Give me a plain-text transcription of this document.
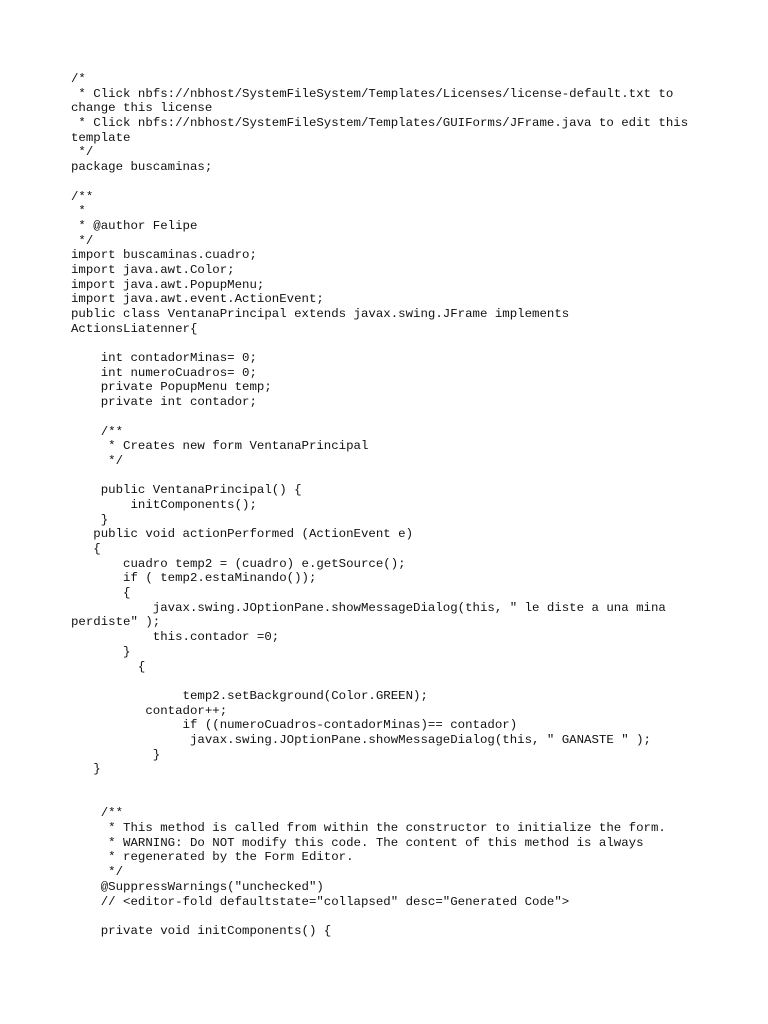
/*
* Click nbfs://nbhost/SystemFileSystem/Templates/Licenses/license-default.txt to
change this license
* Click nbfs://nbhost/SystemFileSystem/Templates/GUIForms/JFrame.java to edit this
template
*/
package buscaminas;
/**
*
* @author Felipe
*/
import buscaminas.cuadro;
import java.awt.Color;
import java.awt.PopupMenu;
import java.awt.event.ActionEvent;
public class VentanaPrincipal extends javax.swing.JFrame implements
ActionsLiatenner{
int contadorMinas= 0;
int numeroCuadros= 0;
private PopupMenu temp;
private int contador;
/**
* Creates new form VentanaPrincipal
*/
public VentanaPrincipal() {
initComponents();
}
public void actionPerformed (ActionEvent e)
{
cuadro temp2 = (cuadro) e.getSource();
if ( temp2.estaMinando());
{
javax.swing.JOptionPane.showMessageDialog(this, " le diste a una mina
perdiste" );
this.contador =0;
}
{
temp2.setBackground(Color.GREEN);
contador++;
if ((numeroCuadros-contadorMinas)== contador)
javax.swing.JOptionPane.showMessageDialog(this, " GANASTE " );
}
}
/**
* This method is called from within the constructor to initialize the form.
* WARNING: Do NOT modify this code. The content of this method is always
* regenerated by the Form Editor.
*/
@SuppressWarnings("unchecked")
// <editor-fold defaultstate="collapsed" desc="Generated Code">
private void initComponents() {
